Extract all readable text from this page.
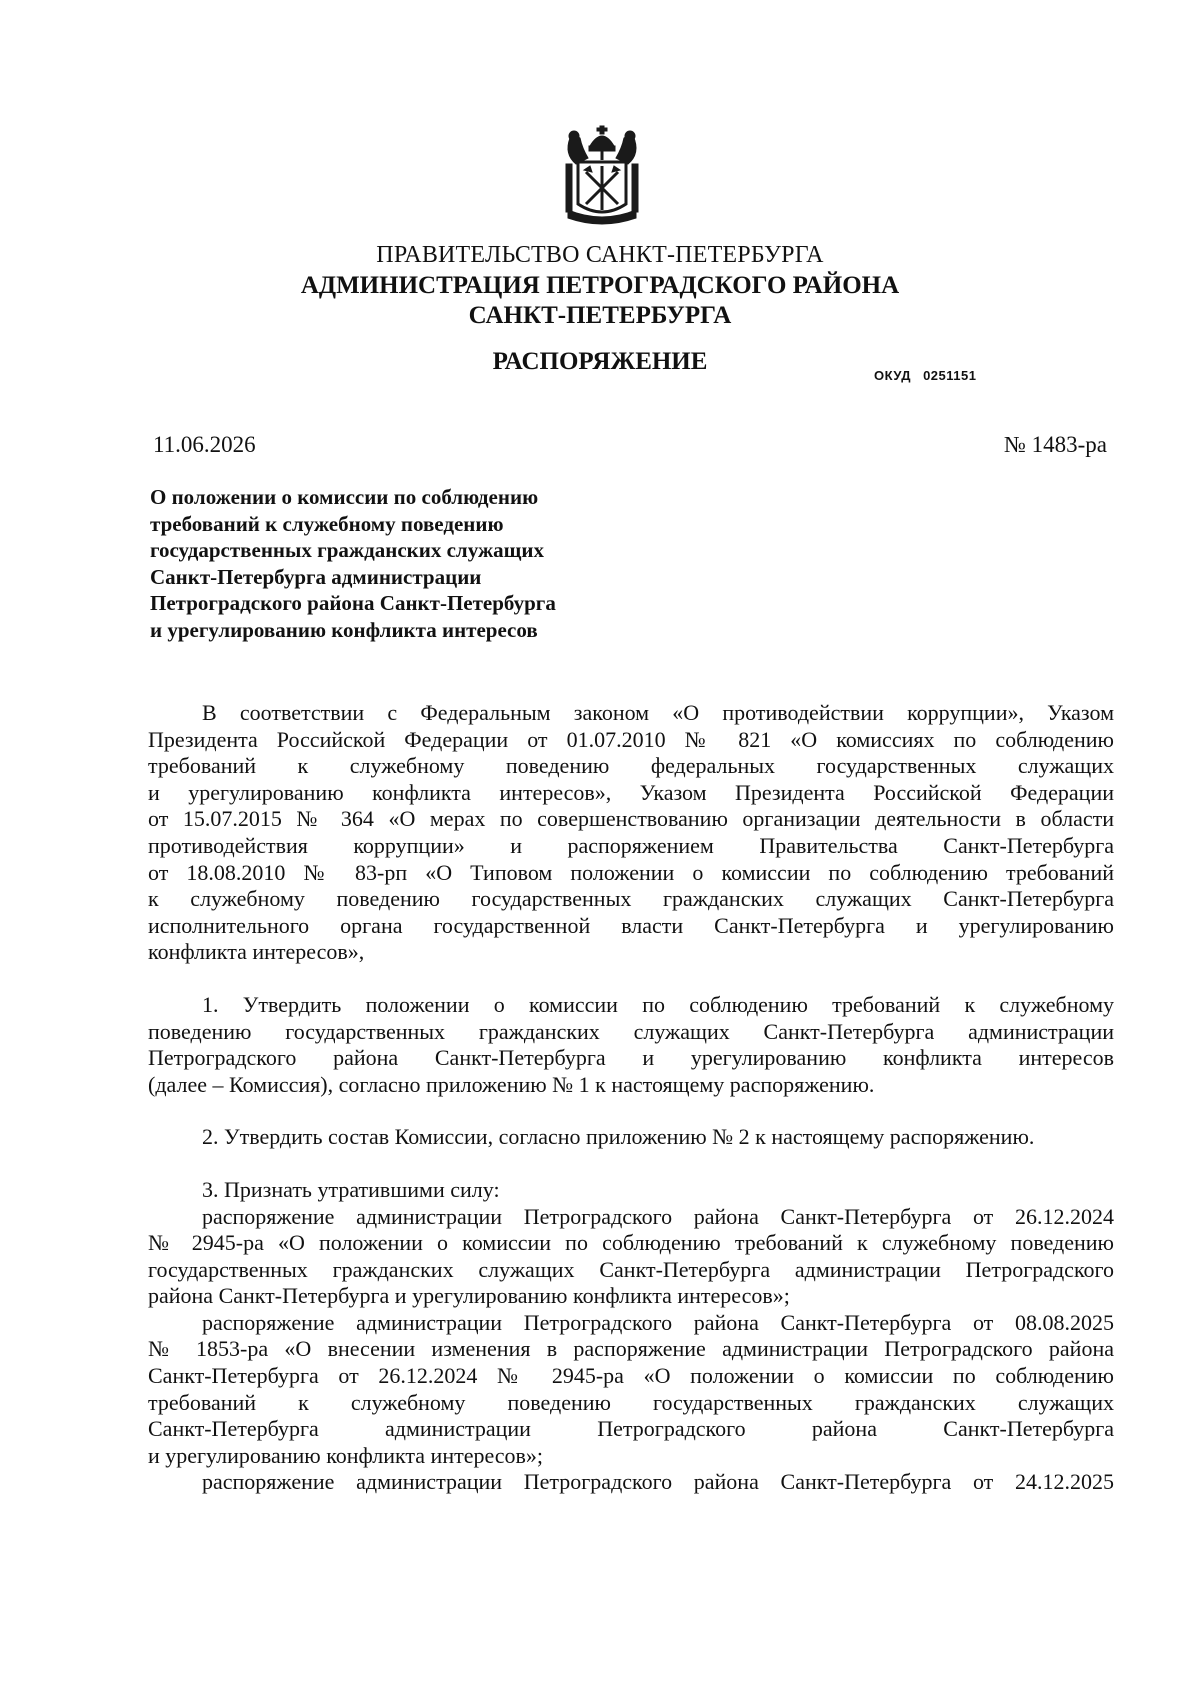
ПРАВИТЕЛЬСТВО САНКТ-ПЕТЕРБУРГА

АДМИНИСТРАЦИЯ ПЕТРОГРАДСКОГО РАЙОНА

САНКТ-ПЕТЕРБУРГА

РАСПОРЯЖЕНИЕ

ОКУД 0251151
11.06.2026	№ 1483-ра

О положении о комиссии по соблюдению
требований к служебному поведению
государственных гражданских служащих
Санкт-Петербурга администрации
Петроградского района Санкт-Петербурга
и урегулированию конфликта интересов

В соответствии с Федеральным законом «О противодействии коррупции», Указом

Президента Российской Федерации от 01.07.2010 № 821 «О комиссиях по соблюдению

требований к служебному поведению федеральных государственных служащих

и урегулированию конфликта интересов», Указом Президента Российской Федерации

от 15.07.2015 № 364 «О мерах по совершенствованию организации деятельности в области

противодействия коррупции» и распоряжением Правительства Санкт-Петербурга

от 18.08.2010 № 83-рп «О Типовом положении о комиссии по соблюдению требований

к служебному поведению государственных гражданских служащих Санкт-Петербурга

исполнительного органа государственной власти Санкт-Петербурга и урегулированию

конфликта интересов»,

1. Утвердить положении о комиссии по соблюдению требований к служебному

поведению государственных гражданских служащих Санкт-Петербурга администрации

Петроградского района Санкт-Петербурга и урегулированию конфликта интересов

(далее – Комиссия), согласно приложению № 1 к настоящему распоряжению.

2. Утвердить состав Комиссии, согласно приложению № 2 к настоящему распоряжению.

3. Признать утратившими силу:

распоряжение администрации Петроградского района Санкт-Петербурга от 26.12.2024

№ 2945-ра «О положении о комиссии по соблюдению требований к служебному поведению

государственных гражданских служащих Санкт-Петербурга администрации Петроградского

района Санкт-Петербурга и урегулированию конфликта интересов»;

распоряжение администрации Петроградского района Санкт-Петербурга от 08.08.2025

№ 1853-ра «О внесении изменения в распоряжение администрации Петроградского района

Санкт-Петербурга от 26.12.2024 № 2945-ра «О положении о комиссии по соблюдению

требований к служебному поведению государственных гражданских служащих

Санкт-Петербурга администрации Петроградского района Санкт-Петербурга

и урегулированию конфликта интересов»;

распоряжение администрации Петроградского района Санкт-Петербурга от 24.12.2025
